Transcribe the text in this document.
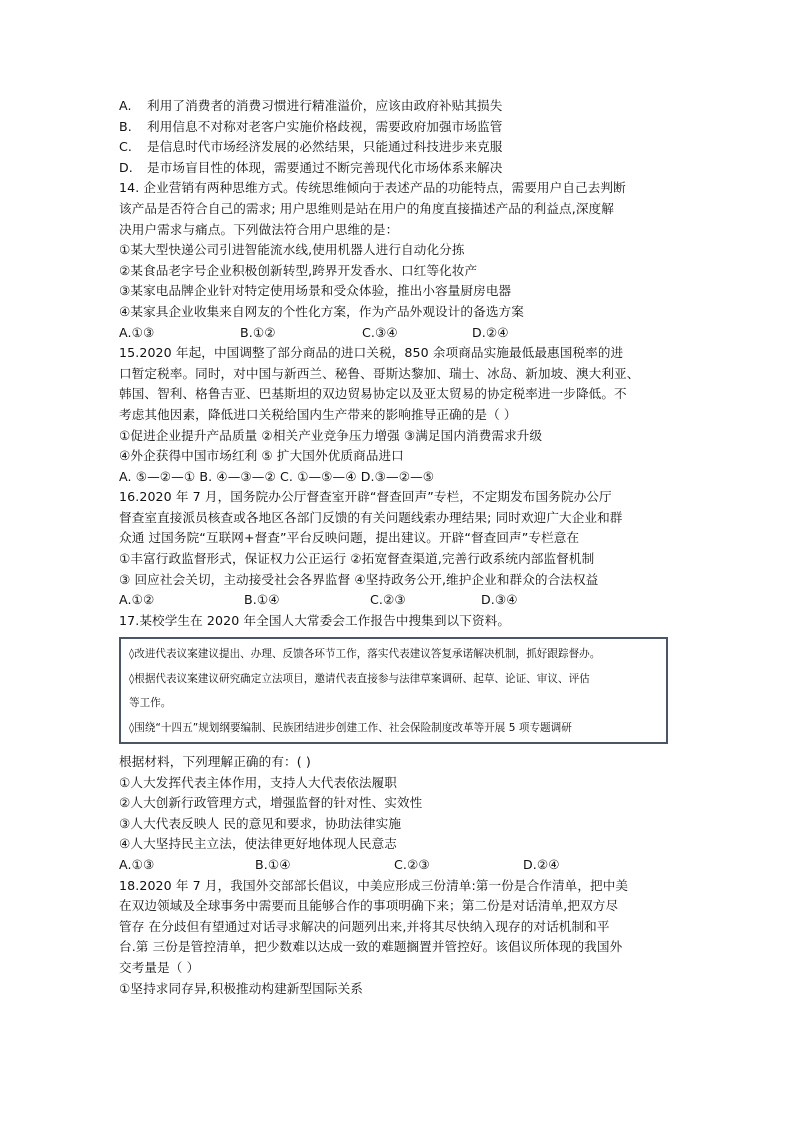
A.	利用了消费者的消费习惯进行精准溢价，应该由政府补贴其损失
B.	利用信息不对称对老客户实施价格歧视，需要政府加强市场监管
C.	是信息时代市场经济发展的必然结果，只能通过科技进步来克服
D.	是市场盲目性的体现，需要通过不断完善现代化市场体系来解决
14. 企业营销有两种思维方式。传统思维倾向于表述产品的功能特点，需要用户自己去判断
该产品是否符合自己的需求; 用户思维则是站在用户的角度直接描述产品的利益点,深度解
决用户需求与痛点。下列做法符合用户思维的是：
①某大型快递公司引进智能流水线,使用机器人进行自动化分拣
②某食品老字号企业积极创新转型,跨界开发香水、口红等化妆产
③某家电品牌企业针对特定使用场景和受众体验，推出小容量厨房电器
④某家具企业收集来自网友的个性化方案，作为产品外观设计的备选方案
A.①③	B.①②	C.③④	D.②④
15.2020 年起，中国调整了部分商品的进口关税，850 余项商品实施最低最惠国税率的进
口暂定税率。同时，对中国与新西兰、秘鲁、哥斯达黎加、瑞士、冰岛、新加坡、澳大利亚、
韩国、智利、格鲁吉亚、巴基斯坦的双边贸易协定以及亚太贸易的协定税率进一步降低。不
考虑其他因素，降低进口关税给国内生产带来的影响推导正确的是（ ）
①促进企业提升产品质量 ②相关产业竞争压力增强 ③满足国内消费需求升级
④外企获得中国市场红利 ⑤ 扩大国外优质商品进口
A. ⑤—②—① B. ④—③—② C. ①—⑤—④ D.③—②—⑤
16.2020 年 7 月，国务院办公厅督查室开辟“督查回声”专栏，不定期发布国务院办公厅
督查室直接派员核查或各地区各部门反馈的有关问题线索办理结果; 同时欢迎广大企业和群
众通 过国务院“互联网+督查”平台反映问题，提出建议。开辟“督查回声”专栏意在
①丰富行政监督形式，保证权力公正运行 ②拓宽督查渠道,完善行政系统内部监督机制
③ 回应社会关切，主动接受社会各界监督 ④坚持政务公开,维护企业和群众的合法权益
A.①②	B.①④	C.②③	D.③④
17.某校学生在 2020 年全国人大常委会工作报告中搜集到以下资料。
◊改进代表议案建议提出、办理、反馈各环节工作，落实代表建议答复承诺解决机制，抓好跟踪督办。
◊根据代表议案建议研究确定立法项目，邀请代表直接参与法律草案调研、起草、论证、审议、评估
等工作。
◊围绕“十四五”规划纲要编制、民族团结进步创建工作、社会保险制度改革等开展 5 项专题调研
根据材料，下列理解正确的有：( )
①人大发挥代表主体作用，支持人大代表依法履职
②人大创新行政管理方式，增强监督的针对性、实效性
③人大代表反映人 民的意见和要求，协助法律实施
④人大坚持民主立法，使法律更好地体现人民意志
A.①③	B.①④	C.②③	D.②④
18.2020 年 7 月，我国外交部部长倡议，中美应形成三份清单:第一份是合作清单，把中美
在双边领域及全球事务中需要而且能够合作的事项明确下来；第二份是对话清单,把双方尽
管存 在分歧但有望通过对话寻求解决的问题列出来,并将其尽快纳入现存的对话机制和平
台.第 三份是管控清单，把少数难以达成一致的难题搁置并管控好。该倡议所体现的我国外
交考量是（ ）
①坚持求同存异,积极推动构建新型国际关系
